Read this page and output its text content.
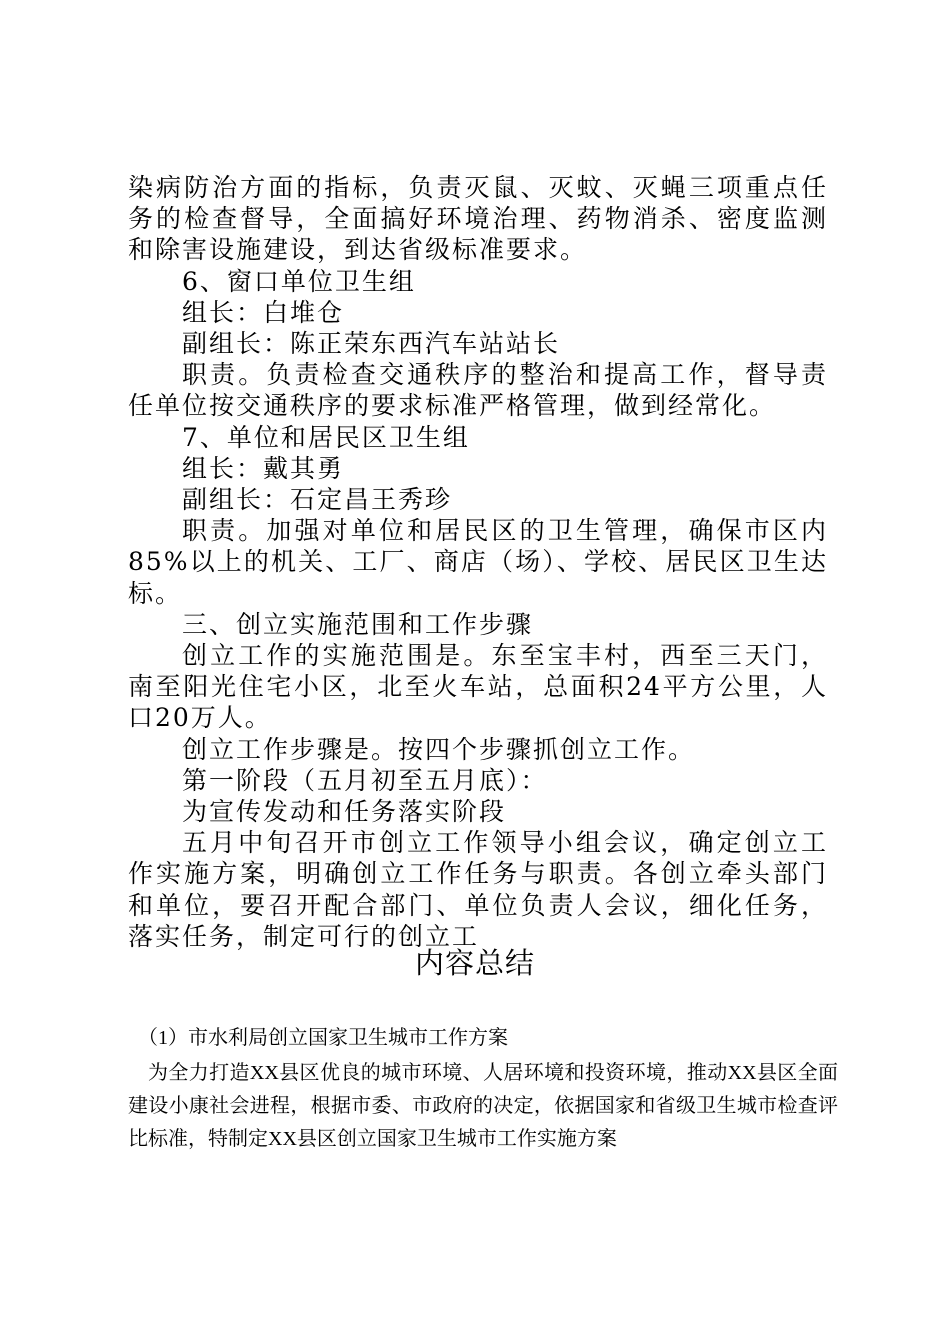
染病防治方面的指标，负责灭鼠、灭蚊、灭蝇三项重点任务的检查督导，全面搞好环境治理、药物消杀、密度监测和除害设施建设，到达省级标准要求。

6、窗口单位卫生组

组长：白堆仓

副组长：陈正荣东西汽车站站长

职责。负责检查交通秩序的整治和提高工作，督导责任单位按交通秩序的要求标准严格管理，做到经常化。

7、单位和居民区卫生组

组长：戴其勇

副组长：石定昌王秀珍

职责。加强对单位和居民区的卫生管理，确保市区内85%以上的机关、工厂、商店（场）、学校、居民区卫生达标。

三、创立实施范围和工作步骤

创立工作的实施范围是。东至宝丰村，西至三天门，南至阳光住宅小区，北至火车站，总面积24平方公里，人口20万人。

创立工作步骤是。按四个步骤抓创立工作。

第一阶段（五月初至五月底）：

为宣传发动和任务落实阶段

五月中旬召开市创立工作领导小组会议，确定创立工作实施方案，明确创立工作任务与职责。各创立牵头部门和单位，要召开配合部门、单位负责人会议，细化任务，落实任务，制定可行的创立工

内容总结

（1）市水利局创立国家卫生城市工作方案

为全力打造XX县区优良的城市环境、人居环境和投资环境，推动XX县区全面建设小康社会进程，根据市委、市政府的决定，依据国家和省级卫生城市检查评比标准，特制定XX县区创立国家卫生城市工作实施方案
